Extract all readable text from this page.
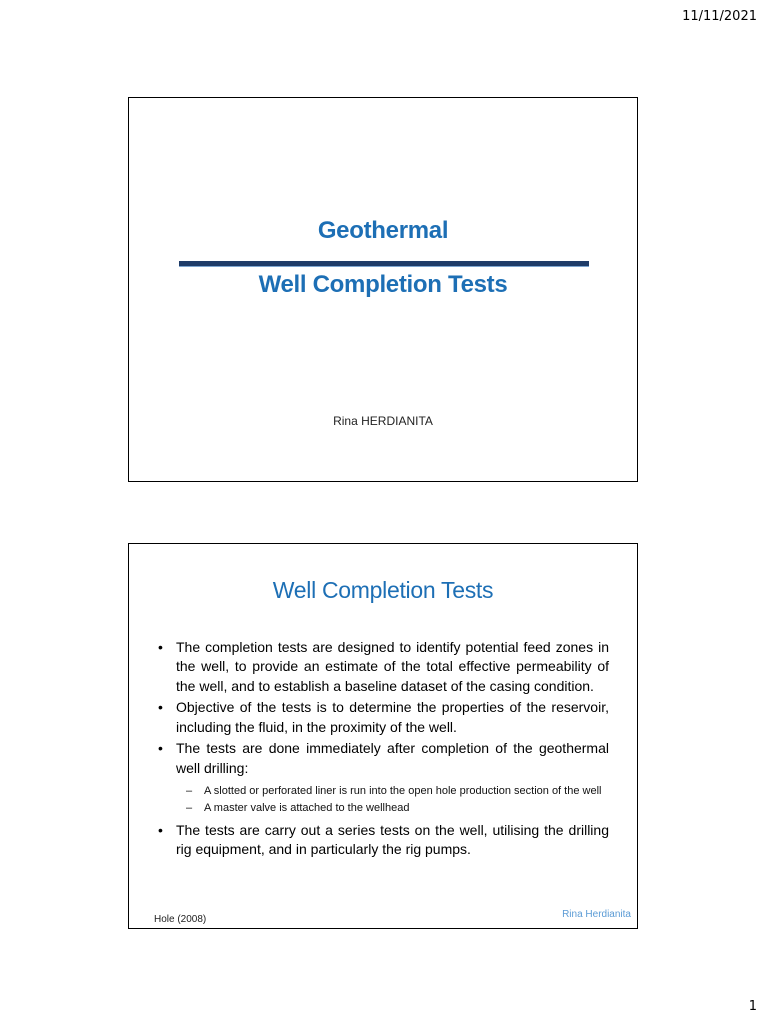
11/11/2021
Geothermal
Well Completion Tests
Rina HERDIANITA
Well Completion Tests
• The completion tests are designed to identify potential feed zones in the well, to provide an estimate of the total effective permeability of the well, and to establish a baseline dataset of the casing condition.
• Objective of the tests is to determine the properties of the reservoir, including the fluid, in the proximity of the well.
• The tests are done immediately after completion of the geothermal well drilling:
– A slotted or perforated liner is run into the open hole production section of the well
– A master valve is attached to the wellhead
• The tests are carry out a series tests on the well, utilising the drilling rig equipment, and in particularly the rig pumps.
Hole (2008)	Rina Herdianita
1
